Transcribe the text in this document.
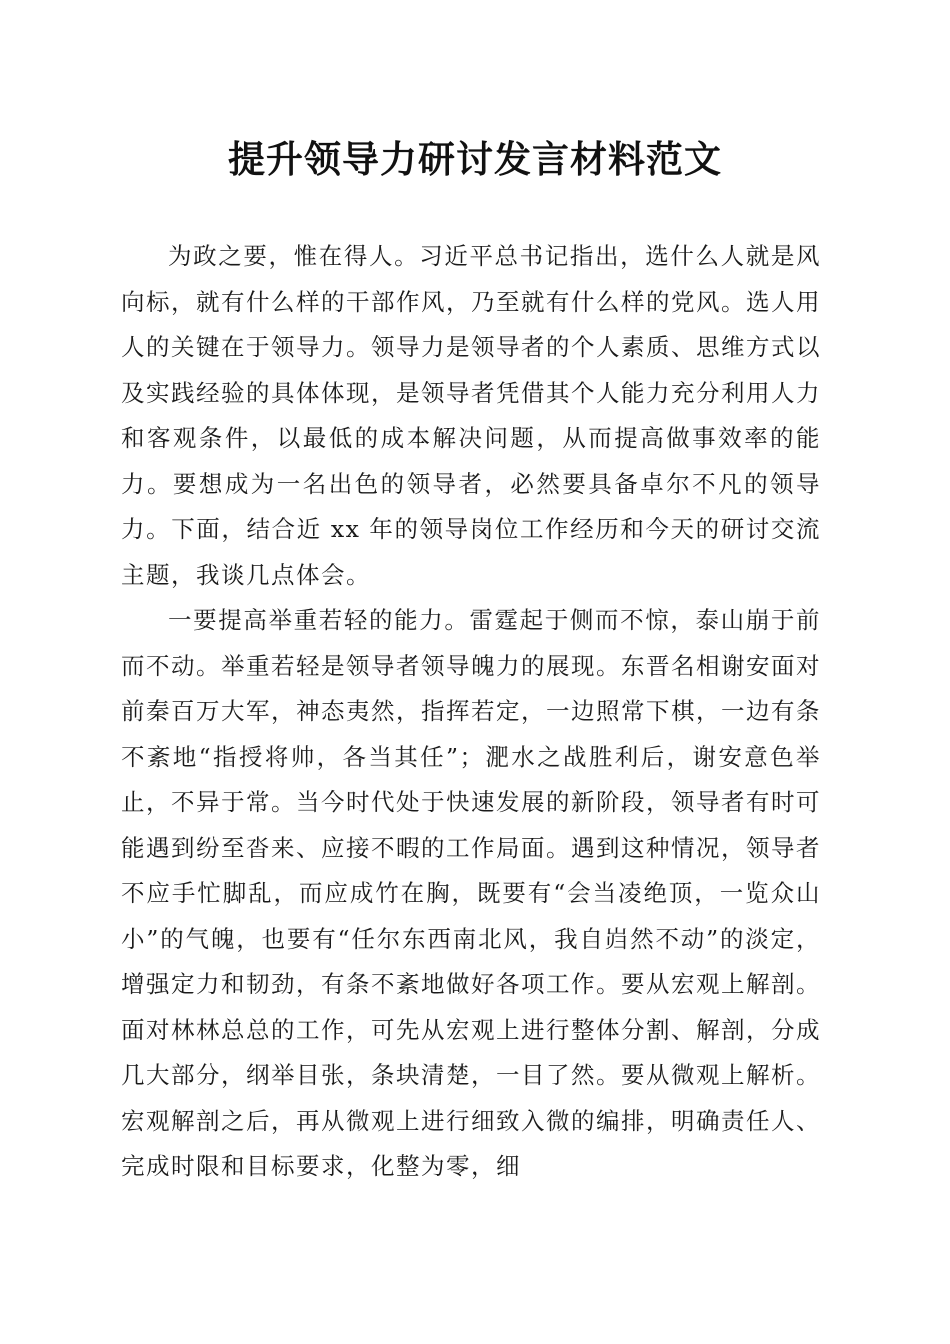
提升领导力研讨发言材料范文

为政之要，惟在得人。习近平总书记指出，选什么人就是风向标，就有什么样的干部作风，乃至就有什么样的党风。选人用人的关键在于领导力。领导力是领导者的个人素质、思维方式以及实践经验的具体体现，是领导者凭借其个人能力充分利用人力和客观条件，以最低的成本解决问题，从而提高做事效率的能力。要想成为一名出色的领导者，必然要具备卓尔不凡的领导力。下面，结合近 xx 年的领导岗位工作经历和今天的研讨交流主题，我谈几点体会。

一要提高举重若轻的能力。雷霆起于侧而不惊，泰山崩于前而不动。举重若轻是领导者领导魄力的展现。东晋名相谢安面对前秦百万大军，神态夷然，指挥若定，一边照常下棋，一边有条不紊地“指授将帅，各当其任”；淝水之战胜利后，谢安意色举止，不异于常。当今时代处于快速发展的新阶段，领导者有时可能遇到纷至沓来、应接不暇的工作局面。遇到这种情况，领导者不应手忙脚乱，而应成竹在胸，既要有“会当凌绝顶，一览众山小”的气魄，也要有“任尔东西南北风，我自岿然不动”的淡定，增强定力和韧劲，有条不紊地做好各项工作。要从宏观上解剖。面对林林总总的工作，可先从宏观上进行整体分割、解剖，分成几大部分，纲举目张，条块清楚，一目了然。要从微观上解析。宏观解剖之后，再从微观上进行细致入微的编排，明确责任人、完成时限和目标要求，化整为零，细
